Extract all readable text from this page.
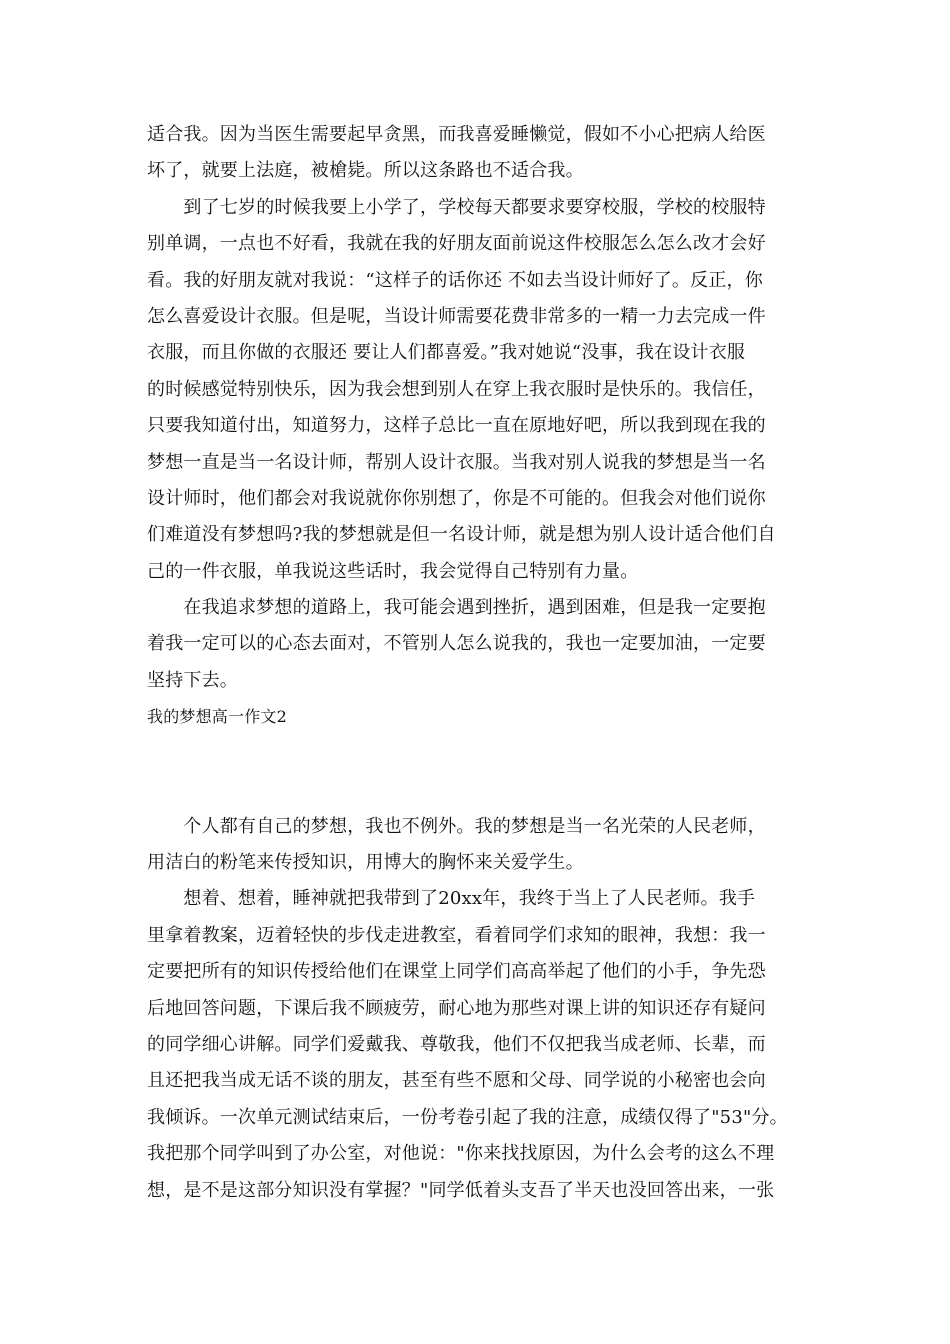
适合我。因为当医生需要起早贪黑，而我喜爱睡懒觉，假如不小心把病人给医
坏了，就要上法庭，被槍毙。所以这条路也不适合我。
　　到了七岁的时候我要上小学了，学校每天都要求要穿校服，学校的校服特
别单调，一点也不好看，我就在我的好朋友面前说这件校服怎么怎么改才会好
看。我的好朋友就对我说：“这样子的话你还 不如去当设计师好了。反正，你
怎么喜爱设计衣服。但是呢，当设计师需要花费非常多的一精一力去完成一件
衣服，而且你做的衣服还 要让人们都喜爱。”我对她说“没事，我在设计衣服
的时候感觉特别快乐，因为我会想到别人在穿上我衣服时是快乐的。我信任，
只要我知道付出，知道努力，这样子总比一直在原地好吧，所以我到现在我的
梦想一直是当一名设计师，帮别人设计衣服。当我对别人说我的梦想是当一名
设计师时，他们都会对我说就你你别想了，你是不可能的。但我会对他们说你
们难道没有梦想吗?我的梦想就是但一名设计师，就是想为别人设计适合他们自
己的一件衣服，单我说这些话时，我会觉得自己特别有力量。
　　在我追求梦想的道路上，我可能会遇到挫折，遇到困难，但是我一定要抱
着我一定可以的心态去面对，不管别人怎么说我的，我也一定要加油，一定要
坚持下去。
我的梦想高一作文2
　　个人都有自己的梦想，我也不例外。我的梦想是当一名光荣的人民老师，
用洁白的粉笔来传授知识，用博大的胸怀来关爱学生。
　　想着、想着，睡神就把我带到了20xx年，我终于当上了人民老师。我手
里拿着教案，迈着轻快的步伐走进教室，看着同学们求知的眼神，我想：我一
定要把所有的知识传授给他们在课堂上同学们高高举起了他们的小手，争先恐
后地回答问题，下课后我不顾疲劳，耐心地为那些对课上讲的知识还存有疑问
的同学细心讲解。同学们爱戴我、尊敬我，他们不仅把我当成老师、长辈，而
且还把我当成无话不谈的朋友，甚至有些不愿和父母、同学说的小秘密也会向
我倾诉。一次单元测试结束后，一份考卷引起了我的注意，成绩仅得了"53"分。
我把那个同学叫到了办公室，对他说："你来找找原因，为什么会考的这么不理
想，是不是这部分知识没有掌握？"同学低着头支吾了半天也没回答出来，一张
